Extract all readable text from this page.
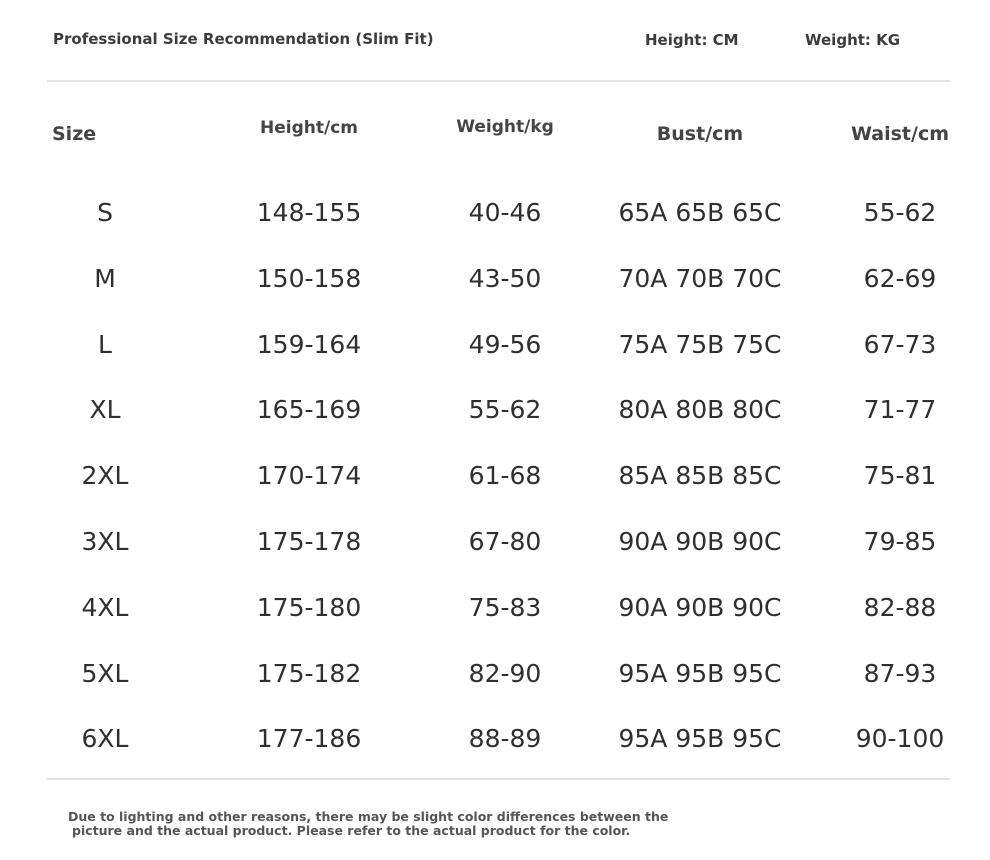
Professional Size Recommendation (Slim Fit)	Height: CM	Weight: KG
Size	Height/cm	Weight/kg	Bust/cm	Waist/cm
S	148-155	40-46	65A 65B 65C	55-62
M	150-158	43-50	70A 70B 70C	62-69
L	159-164	49-56	75A 75B 75C	67-73
XL	165-169	55-62	80A 80B 80C	71-77
2XL	170-174	61-68	85A 85B 85C	75-81
3XL	175-178	67-80	90A 90B 90C	79-85
4XL	175-180	75-83	90A 90B 90C	82-88
5XL	175-182	82-90	95A 95B 95C	87-93
6XL	177-186	88-89	95A 95B 95C	90-100
Due to lighting and other reasons, there may be slight color differences between the
picture and the actual product. Please refer to the actual product for the color.
